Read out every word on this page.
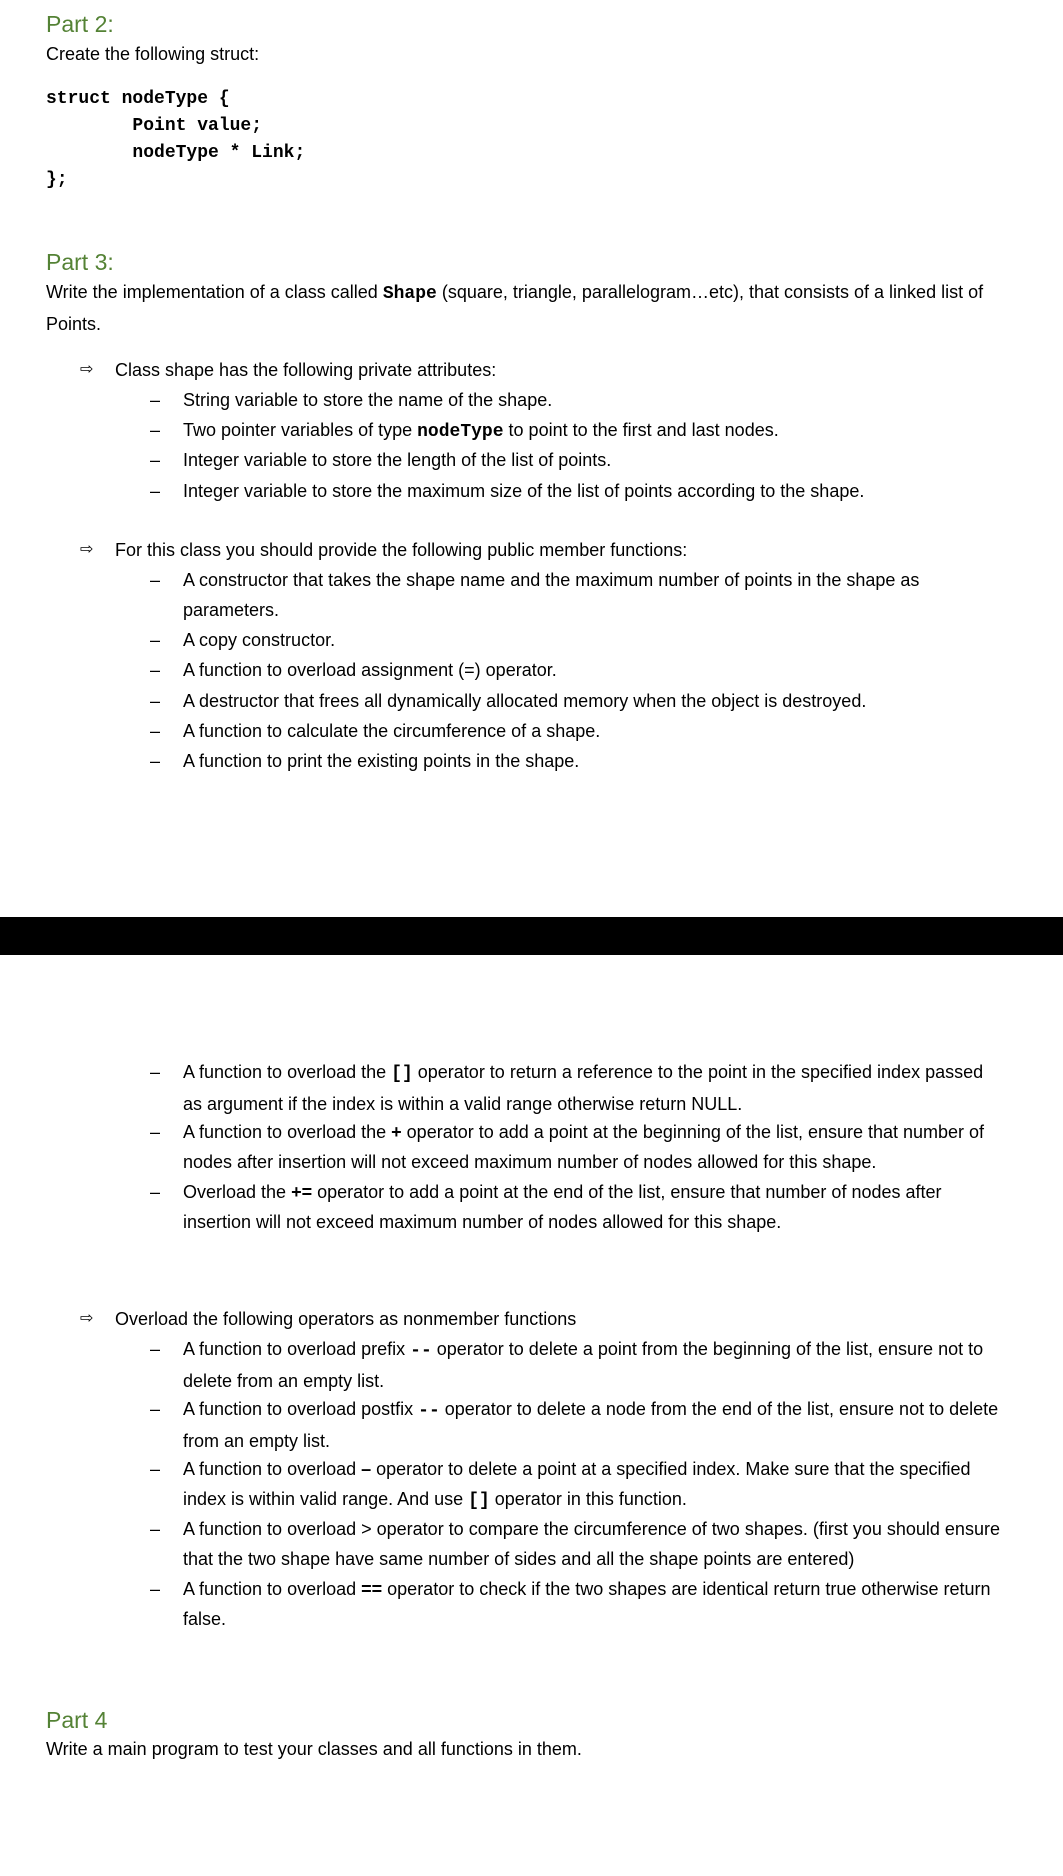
Part 2:
Create the following struct:
struct nodeType {
Point value;
nodeType * Link;
};
Part 3:
Write the implementation of a class called Shape (square, triangle, parallelogram…etc), that consists of a linked list of Points.
⇨ Class shape has the following private attributes:
– String variable to store the name of the shape.
– Two pointer variables of type nodeType to point to the first and last nodes.
– Integer variable to store the length of the list of points.
– Integer variable to store the maximum size of the list of points according to the shape.
⇨ For this class you should provide the following public member functions:
– A constructor that takes the shape name and the maximum number of points in the shape as parameters.
– A copy constructor.
– A function to overload assignment (=) operator.
– A destructor that frees all dynamically allocated memory when the object is destroyed.
– A function to calculate the circumference of a shape.
– A function to print the existing points in the shape.
– A function to overload the [] operator to return a reference to the point in the specified index passed as argument if the index is within a valid range otherwise return NULL.
– A function to overload the + operator to add a point at the beginning of the list, ensure that number of nodes after insertion will not exceed maximum number of nodes allowed for this shape.
– Overload the += operator to add a point at the end of the list, ensure that number of nodes after insertion will not exceed maximum number of nodes allowed for this shape.
⇨ Overload the following operators as nonmember functions
– A function to overload prefix -- operator to delete a point from the beginning of the list, ensure not to delete from an empty list.
– A function to overload postfix -- operator to delete a node from the end of the list, ensure not to delete from an empty list.
– A function to overload – operator to delete a point at a specified index. Make sure that the specified index is within valid range. And use [] operator in this function.
– A function to overload > operator to compare the circumference of two shapes. (first you should ensure that the two shape have same number of sides and all the shape points are entered)
– A function to overload == operator to check if the two shapes are identical return true otherwise return false.
Part 4
Write a main program to test your classes and all functions in them.
